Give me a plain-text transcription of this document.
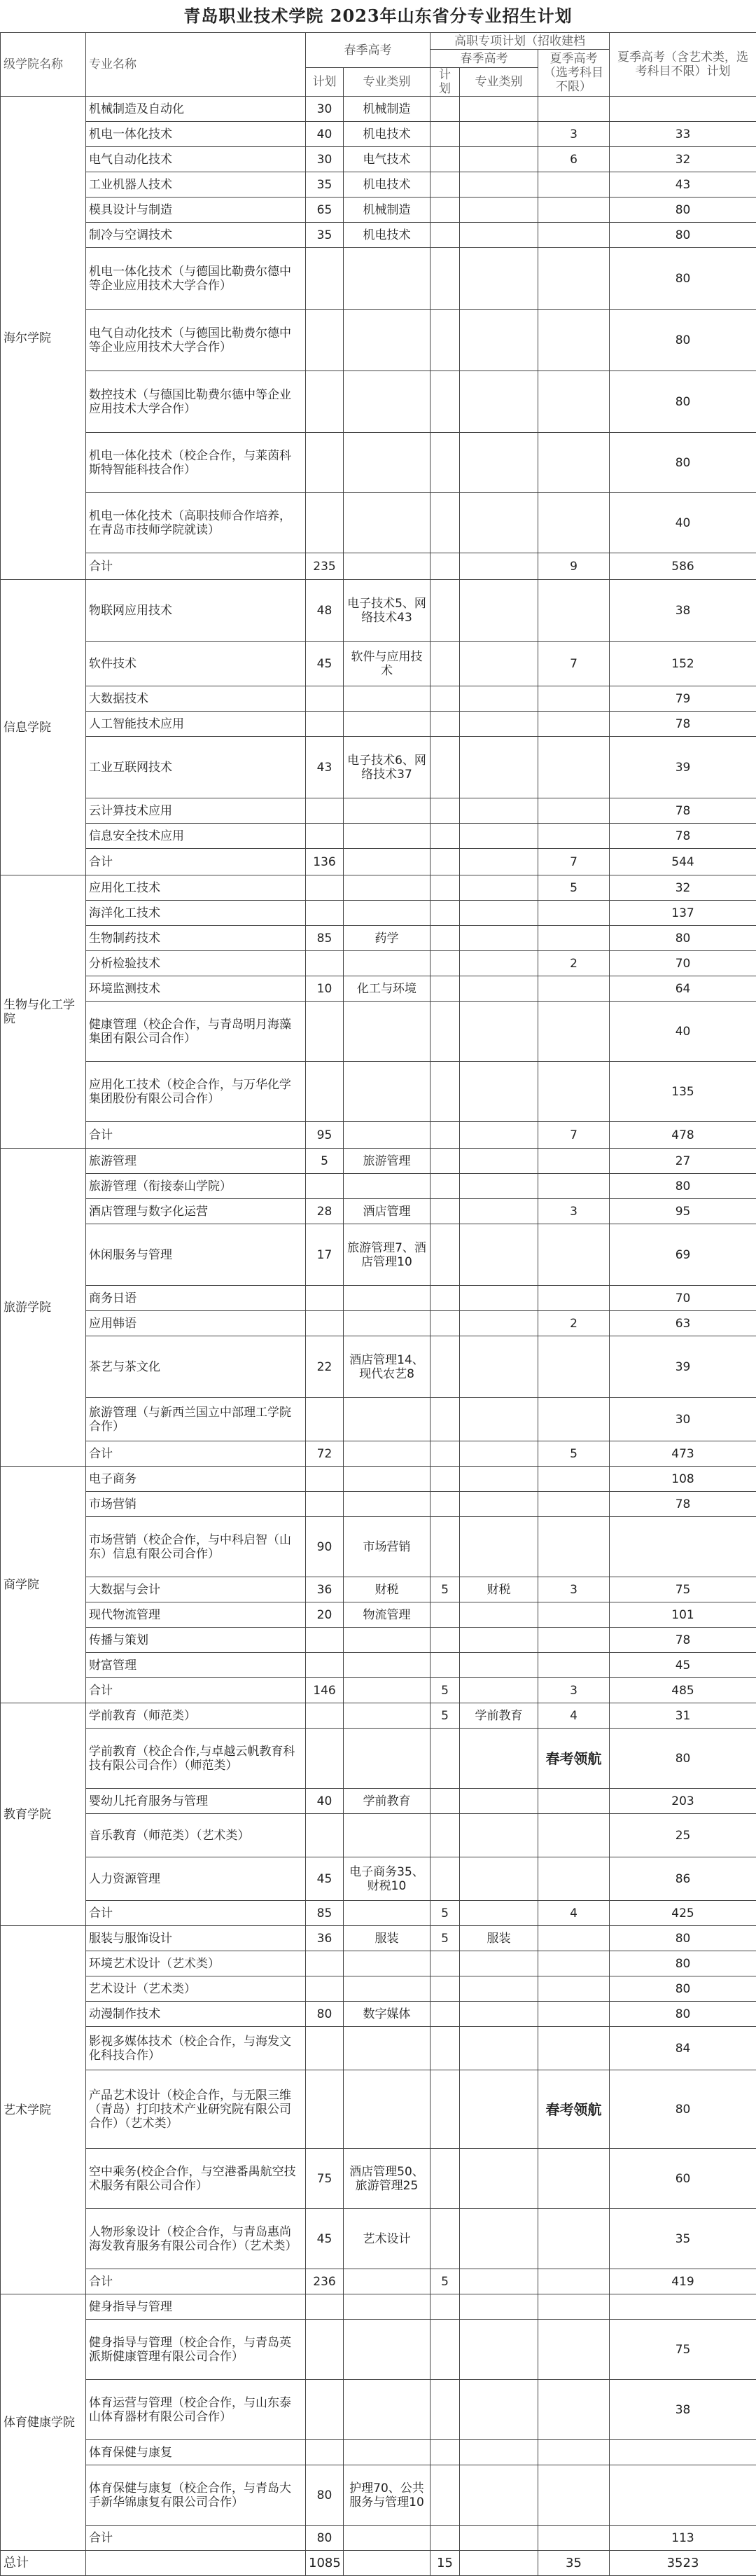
青岛职业技术学院 2023年山东省分专业招生计划
级学院名称	专业名称	春季高考		高职专项计划（招收建档			夏季高考（含艺术类，选考科目不限）计划
				春季高考		夏季高考（选考科目不限）	
		计划	专业类别	计划	专业类别		
海尔学院	机械制造及自动化	30	机械制造				
	机电一体化技术	40	机电技术			3	33
	电气自动化技术	30	电气技术			6	32
	工业机器人技术	35	机电技术				43
	模具设计与制造	65	机械制造				80
	制冷与空调技术	35	机电技术				80
	机电一体化技术（与德国比勒费尔德中等企业应用技术大学合作）						80
	电气自动化技术（与德国比勒费尔德中等企业应用技术大学合作）						80
	数控技术（与德国比勒费尔德中等企业应用技术大学合作）						80
	机电一体化技术（校企合作，与莱茵科斯特智能科技合作）						80
	机电一体化技术（高职技师合作培养，在青岛市技师学院就读）						40
	合计	235				9	586
信息学院	物联网应用技术	48	电子技术5、网络技术43				38
	软件技术	45	软件与应用技术			7	152
	大数据技术						79
	人工智能技术应用						78
	工业互联网技术	43	电子技术6、网络技术37				39
	云计算技术应用						78
	信息安全技术应用						78
	合计	136				7	544
生物与化工学院	应用化工技术					5	32
	海洋化工技术						137
	生物制药技术	85	药学				80
	分析检验技术					2	70
	环境监测技术	10	化工与环境				64
	健康管理（校企合作，与青岛明月海藻集团有限公司合作）						40
	应用化工技术（校企合作，与万华化学集团股份有限公司合作）						135
	合计	95				7	478
旅游学院	旅游管理	5	旅游管理				27
	旅游管理（衔接泰山学院）						80
	酒店管理与数字化运营	28	酒店管理			3	95
	休闲服务与管理	17	旅游管理7、酒店管理10				69
	商务日语						70
	应用韩语					2	63
	茶艺与茶文化	22	酒店管理14、现代农艺8				39
	旅游管理（与新西兰国立中部理工学院合作）						30
	合计	72				5	473
商学院	电子商务						108
	市场营销						78
	市场营销（校企合作，与中科启智（山东）信息有限公司合作）	90	市场营销				
	大数据与会计	36	财税	5	财税	3	75
	现代物流管理	20	物流管理				101
	传播与策划						78
	财富管理						45
	合计	146		5		3	485
教育学院	学前教育（师范类）			5	学前教育	4	31
	学前教育（校企合作,与卓越云帆教育科技有限公司合作）（师范类）					春考领航	80
	婴幼儿托育服务与管理	40	学前教育				203
	音乐教育（师范类）（艺术类）						25
	人力资源管理	45	电子商务35、财税10				86
	合计	85		5		4	425
艺术学院	服装与服饰设计	36	服装	5	服装		80
	环境艺术设计（艺术类）						80
	艺术设计（艺术类）						80
	动漫制作技术	80	数字媒体				80
	影视多媒体技术（校企合作，与海发文化科技合作）						84
	产品艺术设计（校企合作，与无限三维（青岛）打印技术产业研究院有限公司合作）（艺术类）					春考领航	80
	空中乘务(校企合作，与空港番禺航空技术服务有限公司合作）	75	酒店管理50、旅游管理25				60
	人物形象设计（校企合作，与青岛惠尚海发教育服务有限公司合作）（艺术类）	45	艺术设计				35
	合计	236		5			419
体育健康学院	健身指导与管理						
	健身指导与管理（校企合作，与青岛英派斯健康管理有限公司合作）						75
	体育运营与管理（校企合作，与山东泰山体育器材有限公司合作）						38
	体育保健与康复						
	体育保健与康复（校企合作，与青岛大手新华锦康复有限公司合作）	80	护理70、公共服务与管理10				
	合计	80					113
总计		1085		15		35	3523
